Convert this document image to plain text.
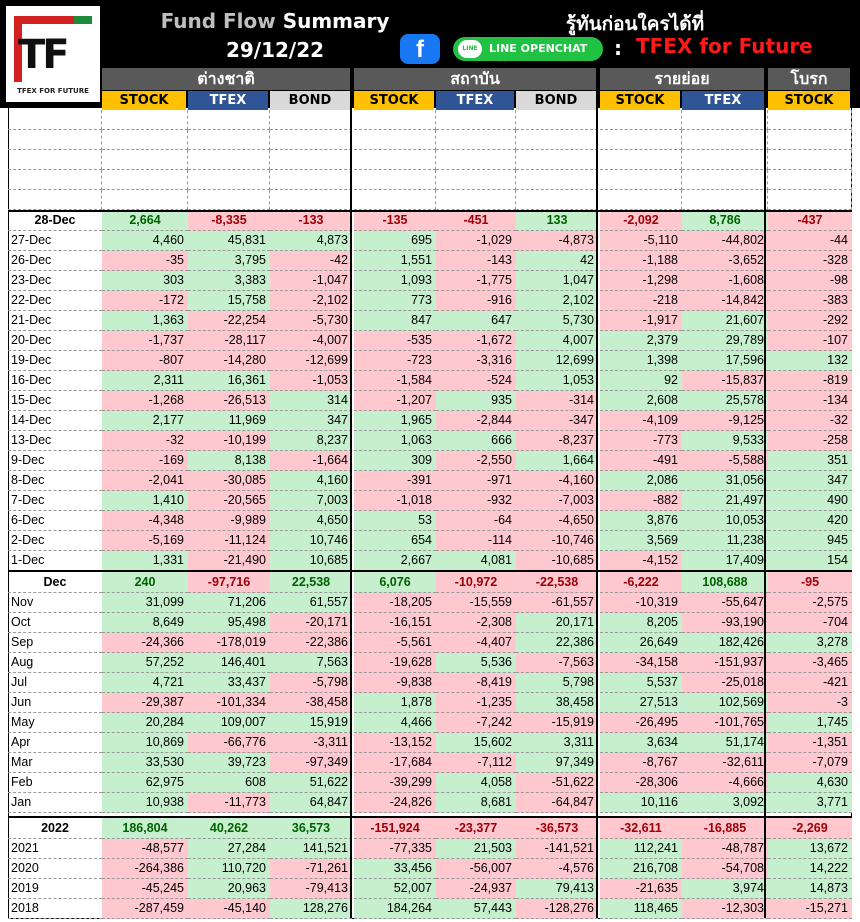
TF
TFEX FOR FUTURE
Fund Flow Summary
29/12/22
รู้ทันก่อนใครได้ที่
f	LINE	LINE OPENCHAT : TFEX for Future
ต่างชาติ	สถาบัน	รายย่อย	โบรก
STOCK	TFEX	BOND	STOCK	TFEX	BOND	STOCK	TFEX	STOCK
28-Dec	2,664	-8,335	-133	-135	-451	133	-2,092	8,786	-437
27-Dec	4,460	45,831	4,873	695	-1,029	-4,873	-5,110	-44,802	-44
26-Dec	-35	3,795	-42	1,551	-143	42	-1,188	-3,652	-328
23-Dec	303	3,383	-1,047	1,093	-1,775	1,047	-1,298	-1,608	-98
22-Dec	-172	15,758	-2,102	773	-916	2,102	-218	-14,842	-383
21-Dec	1,363	-22,254	-5,730	847	647	5,730	-1,917	21,607	-292
20-Dec	-1,737	-28,117	-4,007	-535	-1,672	4,007	2,379	29,789	-107
19-Dec	-807	-14,280	-12,699	-723	-3,316	12,699	1,398	17,596	132
16-Dec	2,311	16,361	-1,053	-1,584	-524	1,053	92	-15,837	-819
15-Dec	-1,268	-26,513	314	-1,207	935	-314	2,608	25,578	-134
14-Dec	2,177	11,969	347	1,965	-2,844	-347	-4,109	-9,125	-32
13-Dec	-32	-10,199	8,237	1,063	666	-8,237	-773	9,533	-258
9-Dec	-169	8,138	-1,664	309	-2,550	1,664	-491	-5,588	351
8-Dec	-2,041	-30,085	4,160	-391	-971	-4,160	2,086	31,056	347
7-Dec	1,410	-20,565	7,003	-1,018	-932	-7,003	-882	21,497	490
6-Dec	-4,348	-9,989	4,650	53	-64	-4,650	3,876	10,053	420
2-Dec	-5,169	-11,124	10,746	654	-114	-10,746	3,569	11,238	945
1-Dec	1,331	-21,490	10,685	2,667	4,081	-10,685	-4,152	17,409	154
Dec	240	-97,716	22,538	6,076	-10,972	-22,538	-6,222	108,688	-95
Nov	31,099	71,206	61,557	-18,205	-15,559	-61,557	-10,319	-55,647	-2,575
Oct	8,649	95,498	-20,171	-16,151	-2,308	20,171	8,205	-93,190	-704
Sep	-24,366	-178,019	-22,386	-5,561	-4,407	22,386	26,649	182,426	3,278
Aug	57,252	146,401	7,563	-19,628	5,536	-7,563	-34,158	-151,937	-3,465
Jul	4,721	33,437	-5,798	-9,838	-8,419	5,798	5,537	-25,018	-421
Jun	-29,387	-101,334	-38,458	1,878	-1,235	38,458	27,513	102,569	-3
May	20,284	109,007	15,919	4,466	-7,242	-15,919	-26,495	-101,765	1,745
Apr	10,869	-66,776	-3,311	-13,152	15,602	3,311	3,634	51,174	-1,351
Mar	33,530	39,723	-97,349	-17,684	-7,112	97,349	-8,767	-32,611	-7,079
Feb	62,975	608	51,622	-39,299	4,058	-51,622	-28,306	-4,666	4,630
Jan	10,938	-11,773	64,847	-24,826	8,681	-64,847	10,116	3,092	3,771
2022	186,804	40,262	36,573	-151,924	-23,377	-36,573	-32,611	-16,885	-2,269
2021	-48,577	27,284	141,521	-77,335	21,503	-141,521	112,241	-48,787	13,672
2020	-264,386	110,720	-71,261	33,456	-56,007	-4,576	216,708	-54,708	14,222
2019	-45,245	20,963	-79,413	52,007	-24,937	79,413	-21,635	3,974	14,873
2018	-287,459	-45,140	128,276	184,264	57,443	-128,276	118,465	-12,303	-15,271
